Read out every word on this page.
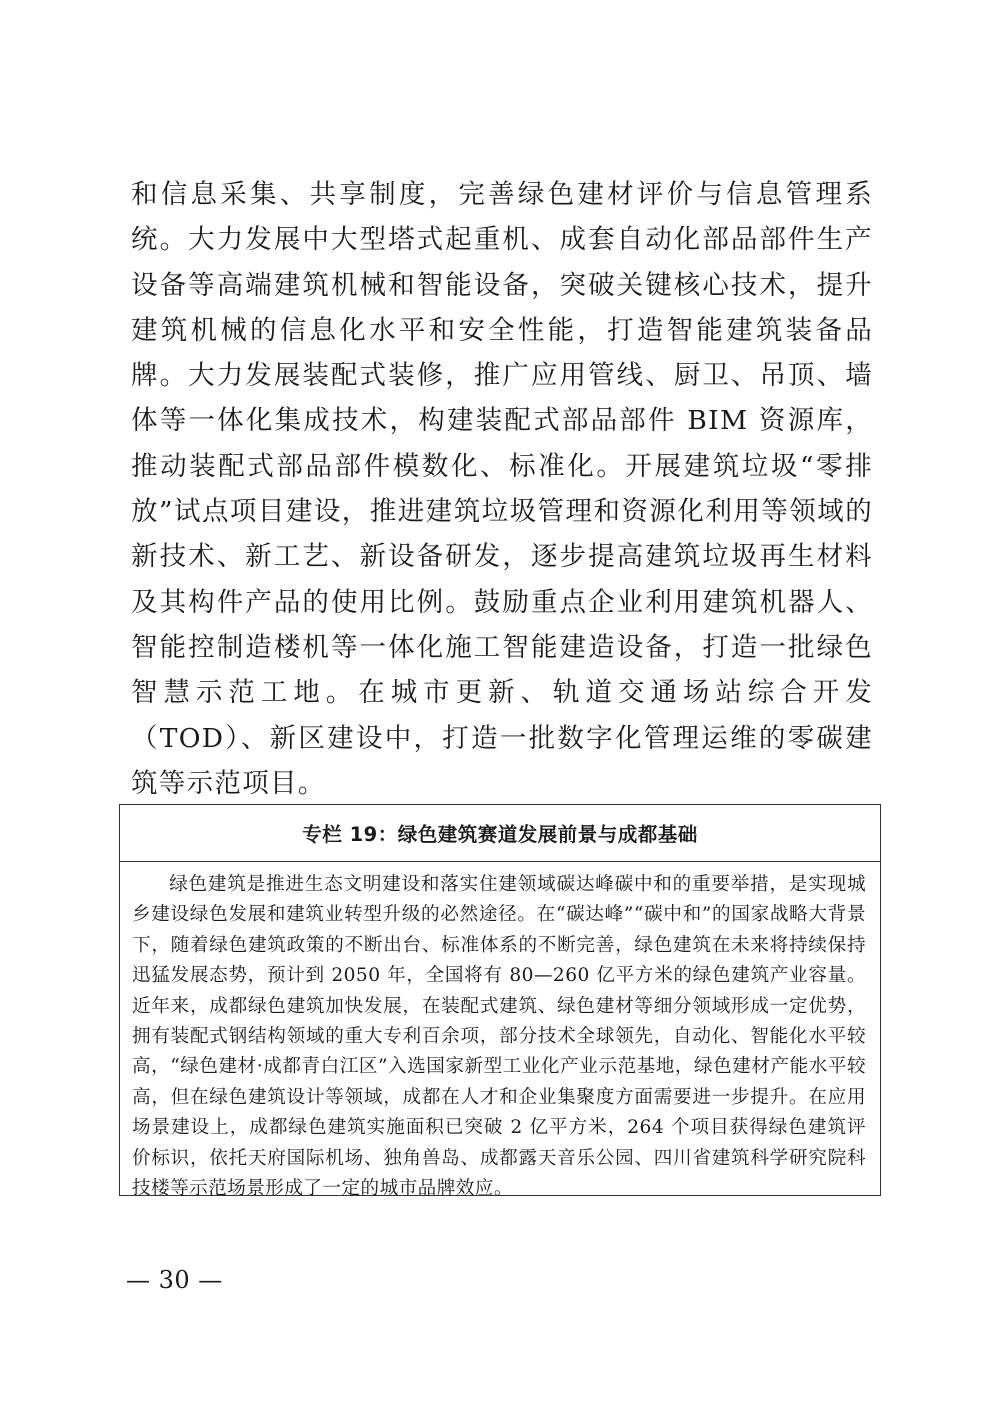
和信息采集、共享制度，完善绿色建材评价与信息管理系统。大力发展中大型塔式起重机、成套自动化部品部件生产设备等高端建筑机械和智能设备，突破关键核心技术，提升建筑机械的信息化水平和安全性能，打造智能建筑装备品牌。大力发展装配式装修，推广应用管线、厨卫、吊顶、墙体等一体化集成技术，构建装配式部品部件 BIM 资源库，推动装配式部品部件模数化、标准化。开展建筑垃圾“零排放”试点项目建设，推进建筑垃圾管理和资源化利用等领域的新技术、新工艺、新设备研发，逐步提高建筑垃圾再生材料及其构件产品的使用比例。鼓励重点企业利用建筑机器人、智能控制造楼机等一体化施工智能建造设备，打造一批绿色智慧示范工地。在城市更新、轨道交通场站综合开发（TOD）、新区建设中，打造一批数字化管理运维的零碳建筑等示范项目。

专栏 19：绿色建筑赛道发展前景与成都基础

绿色建筑是推进生态文明建设和落实住建领域碳达峰碳中和的重要举措，是实现城乡建设绿色发展和建筑业转型升级的必然途径。在“碳达峰”“碳中和”的国家战略大背景下，随着绿色建筑政策的不断出台、标准体系的不断完善，绿色建筑在未来将持续保持迅猛发展态势，预计到 2050 年，全国将有 80—260 亿平方米的绿色建筑产业容量。近年来，成都绿色建筑加快发展，在装配式建筑、绿色建材等细分领域形成一定优势，拥有装配式钢结构领域的重大专利百余项，部分技术全球领先，自动化、智能化水平较高，“绿色建材·成都青白江区”入选国家新型工业化产业示范基地，绿色建材产能水平较高，但在绿色建筑设计等领域，成都在人才和企业集聚度方面需要进一步提升。在应用场景建设上，成都绿色建筑实施面积已突破 2 亿平方米，264 个项目获得绿色建筑评价标识，依托天府国际机场、独角兽岛、成都露天音乐公园、四川省建筑科学研究院科技楼等示范场景形成了一定的城市品牌效应。

— 30 —
